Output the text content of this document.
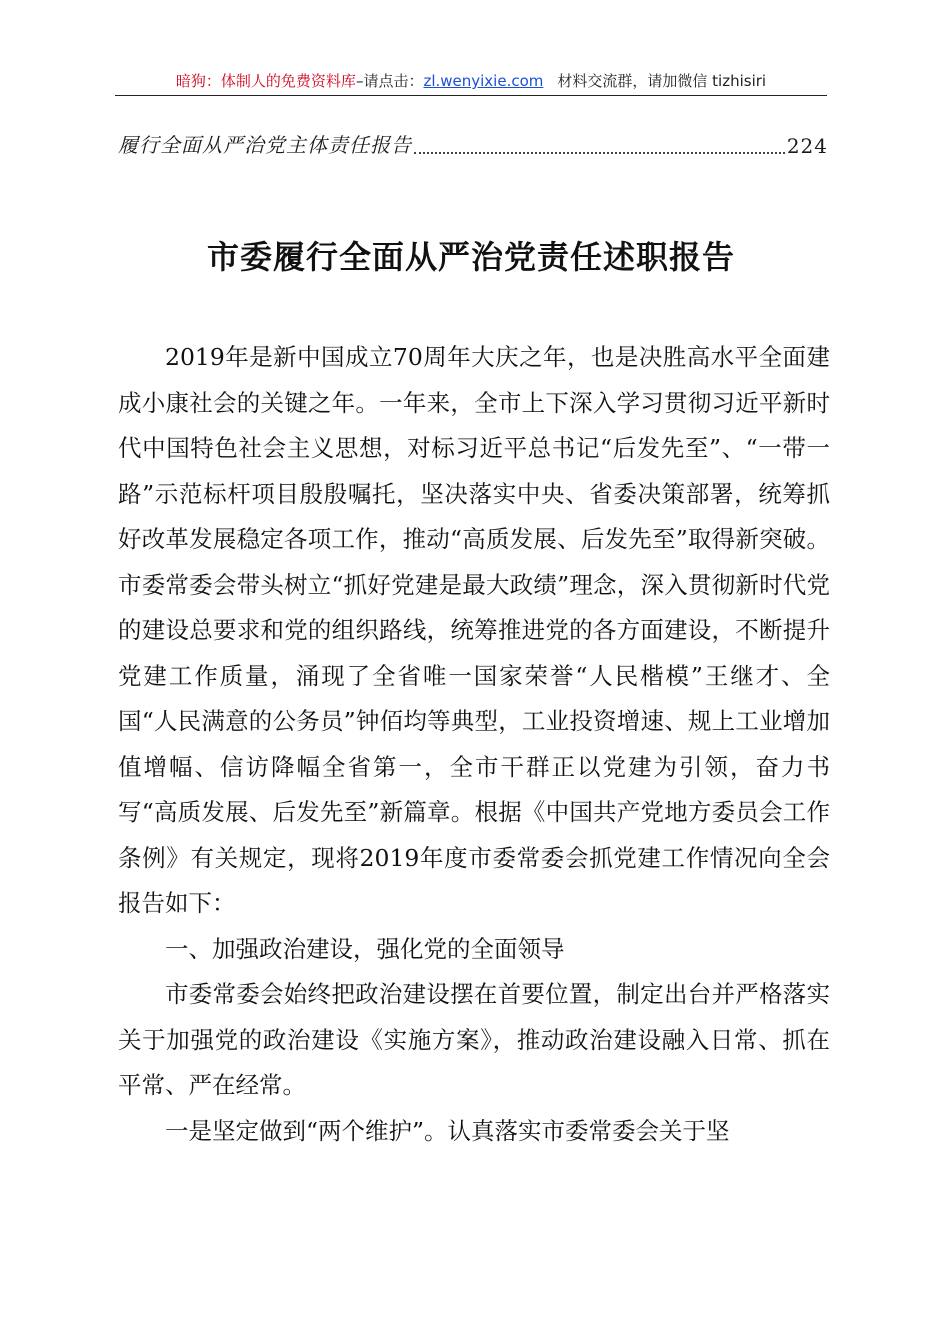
暗狗：体制人的免费资料库–请点击：zl.wenyixie.com 材料交流群，请加微信 tizhisiri
履行全面从严治党主体责任报告	224
市委履行全面从严治党责任述职报告

2019年是新中国成立70周年大庆之年，也是决胜高水平全面建成小康社会的关键之年。一年来，全市上下深入学习贯彻习近平新时代中国特色社会主义思想，对标习近平总书记“后发先至”、“一带一路”示范标杆项目殷殷嘱托，坚决落实中央、省委决策部署，统筹抓好改革发展稳定各项工作，推动“高质发展、后发先至”取得新突破。市委常委会带头树立“抓好党建是最大政绩”理念，深入贯彻新时代党的建设总要求和党的组织路线，统筹推进党的各方面建设，不断提升党建工作质量，涌现了全省唯一国家荣誉“人民楷模”王继才、全国“人民满意的公务员”钟佰均等典型，工业投资增速、规上工业增加值增幅、信访降幅全省第一，全市干群正以党建为引领，奋力书写“高质发展、后发先至”新篇章。根据《中国共产党地方委员会工作条例》有关规定，现将2019年度市委常委会抓党建工作情况向全会报告如下：

一、加强政治建设，强化党的全面领导

市委常委会始终把政治建设摆在首要位置，制定出台并严格落实关于加强党的政治建设《实施方案》，推动政治建设融入日常、抓在平常、严在经常。

一是坚定做到“两个维护”。认真落实市委常委会关于坚
